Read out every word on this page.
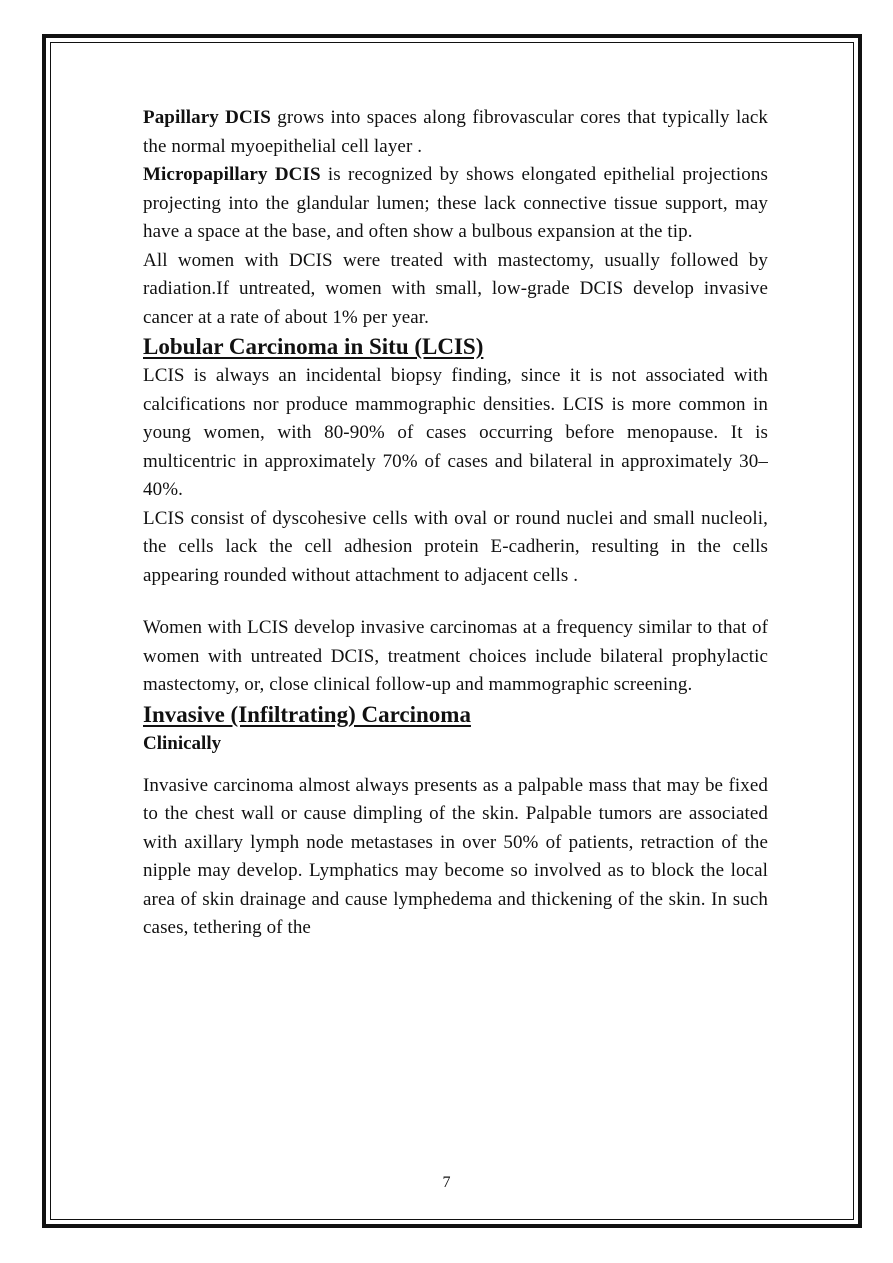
Papillary DCIS grows into spaces along fibrovascular cores that typically lack the normal myoepithelial cell layer .

Micropapillary DCIS is recognized by shows elongated epithelial projections projecting into the glandular lumen; these lack connective tissue support, may have a space at the base, and often show a bulbous expansion at the tip.

All women with DCIS were treated with mastectomy, usually followed by radiation.If untreated, women with small, low-grade DCIS develop invasive cancer at a rate of about 1% per year.

Lobular Carcinoma in Situ (LCIS)

LCIS is always an incidental biopsy finding, since it is not associated with calcifications nor produce mammographic densities. LCIS is more common in young women, with 80-90% of cases occurring before menopause. It is multicentric in approximately 70% of cases and bilateral in approximately 30–40%.

LCIS consist of dyscohesive cells with oval or round nuclei and small nucleoli, the cells lack the cell adhesion protein E-cadherin, resulting in the cells appearing rounded without attachment to adjacent cells .

Women with LCIS develop invasive carcinomas at a frequency similar to that of women with untreated DCIS, treatment choices include bilateral prophylactic mastectomy, or, close clinical follow-up and mammographic screening.

Invasive (Infiltrating) Carcinoma
Clinically

Invasive carcinoma almost always presents as a palpable mass that may be fixed to the chest wall or cause dimpling of the skin. Palpable tumors are associated with axillary lymph node metastases in over 50% of patients, retraction of the nipple may develop. Lymphatics may become so involved as to block the local area of skin drainage and cause lymphedema and thickening of the skin. In such cases, tethering of the

7
